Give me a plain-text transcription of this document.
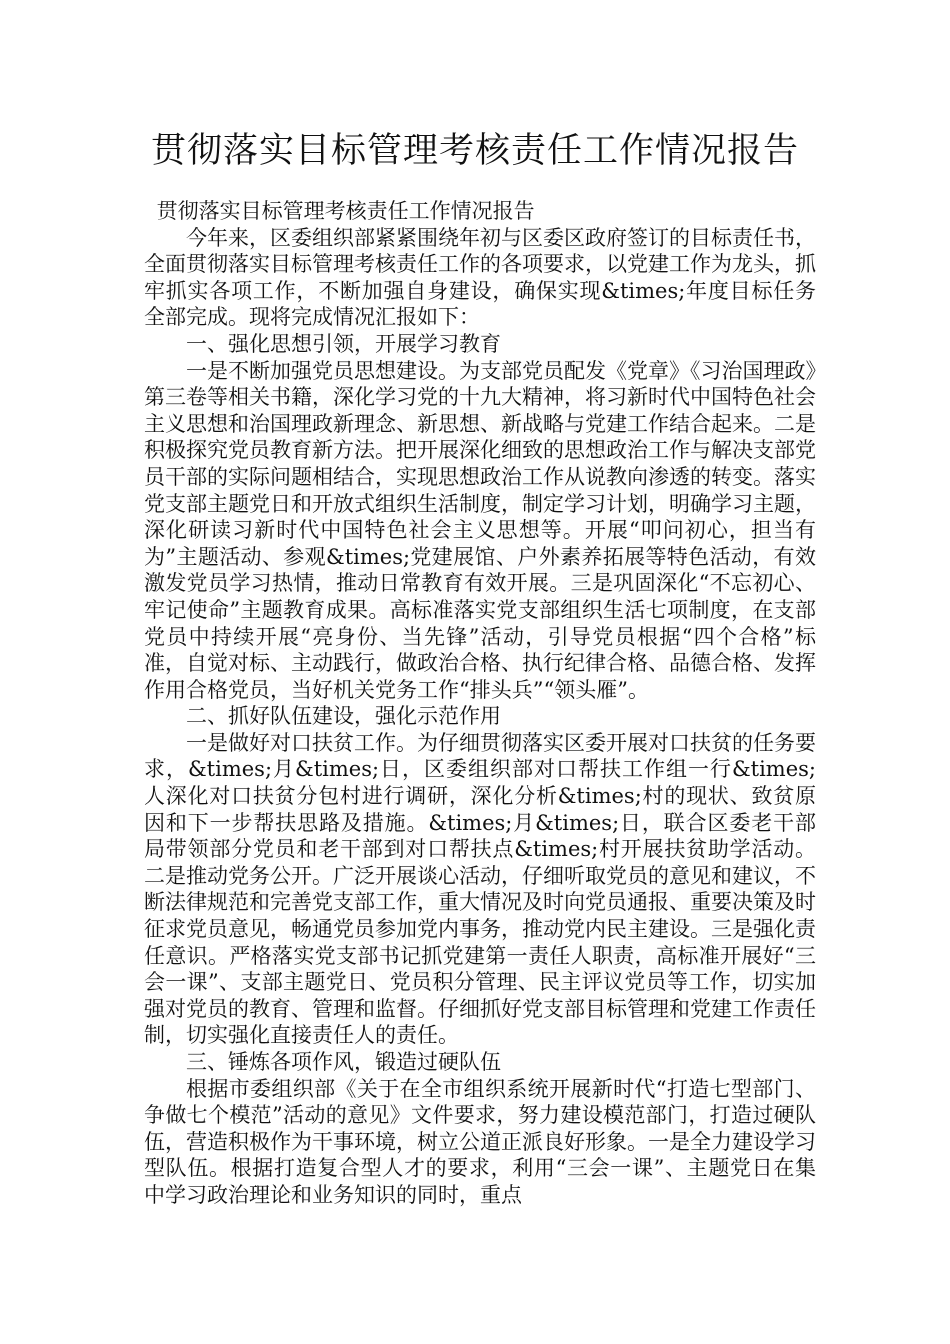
贯彻落实目标管理考核责任工作情况报告

贯彻落实目标管理考核责任工作情况报告

今年来，区委组织部紧紧围绕年初与区委区政府签订的目标责任书，全面贯彻落实目标管理考核责任工作的各项要求，以党建工作为龙头，抓牢抓实各项工作，不断加强自身建设，确保实现&times;年度目标任务全部完成。现将完成情况汇报如下：

一、强化思想引领，开展学习教育

一是不断加强党员思想建设。为支部党员配发《党章》《习治国理政》第三卷等相关书籍，深化学习党的十九大精神，将习新时代中国特色社会主义思想和治国理政新理念、新思想、新战略与党建工作结合起来。二是积极探究党员教育新方法。把开展深化细致的思想政治工作与解决支部党员干部的实际问题相结合，实现思想政治工作从说教向渗透的转变。落实党支部主题党日和开放式组织生活制度，制定学习计划，明确学习主题，深化研读习新时代中国特色社会主义思想等。开展“叩问初心，担当有为”主题活动、参观&times;党建展馆、户外素养拓展等特色活动，有效激发党员学习热情，推动日常教育有效开展。三是巩固深化“不忘初心、牢记使命”主题教育成果。高标准落实党支部组织生活七项制度，在支部党员中持续开展“亮身份、当先锋”活动，引导党员根据“四个合格”标准，自觉对标、主动践行，做政治合格、执行纪律合格、品德合格、发挥作用合格党员，当好机关党务工作“排头兵”“领头雁”。

二、抓好队伍建设，强化示范作用

一是做好对口扶贫工作。为仔细贯彻落实区委开展对口扶贫的任务要求，&times;月&times;日，区委组织部对口帮扶工作组一行&times;人深化对口扶贫分包村进行调研，深化分析&times;村的现状、致贫原因和下一步帮扶思路及措施。&times;月&times;日，联合区委老干部局带领部分党员和老干部到对口帮扶点&times;村开展扶贫助学活动。二是推动党务公开。广泛开展谈心活动，仔细听取党员的意见和建议，不断法律规范和完善党支部工作，重大情况及时向党员通报、重要决策及时征求党员意见，畅通党员参加党内事务，推动党内民主建设。三是强化责任意识。严格落实党支部书记抓党建第一责任人职责，高标准开展好“三会一课”、支部主题党日、党员积分管理、民主评议党员等工作，切实加强对党员的教育、管理和监督。仔细抓好党支部目标管理和党建工作责任制，切实强化直接责任人的责任。

三、锤炼各项作风，锻造过硬队伍

根据市委组织部《关于在全市组织系统开展新时代“打造七型部门、争做七个模范”活动的意见》文件要求，努力建设模范部门，打造过硬队伍，营造积极作为干事环境，树立公道正派良好形象。一是全力建设学习型队伍。根据打造复合型人才的要求，利用“三会一课”、主题党日在集中学习政治理论和业务知识的同时，重点
